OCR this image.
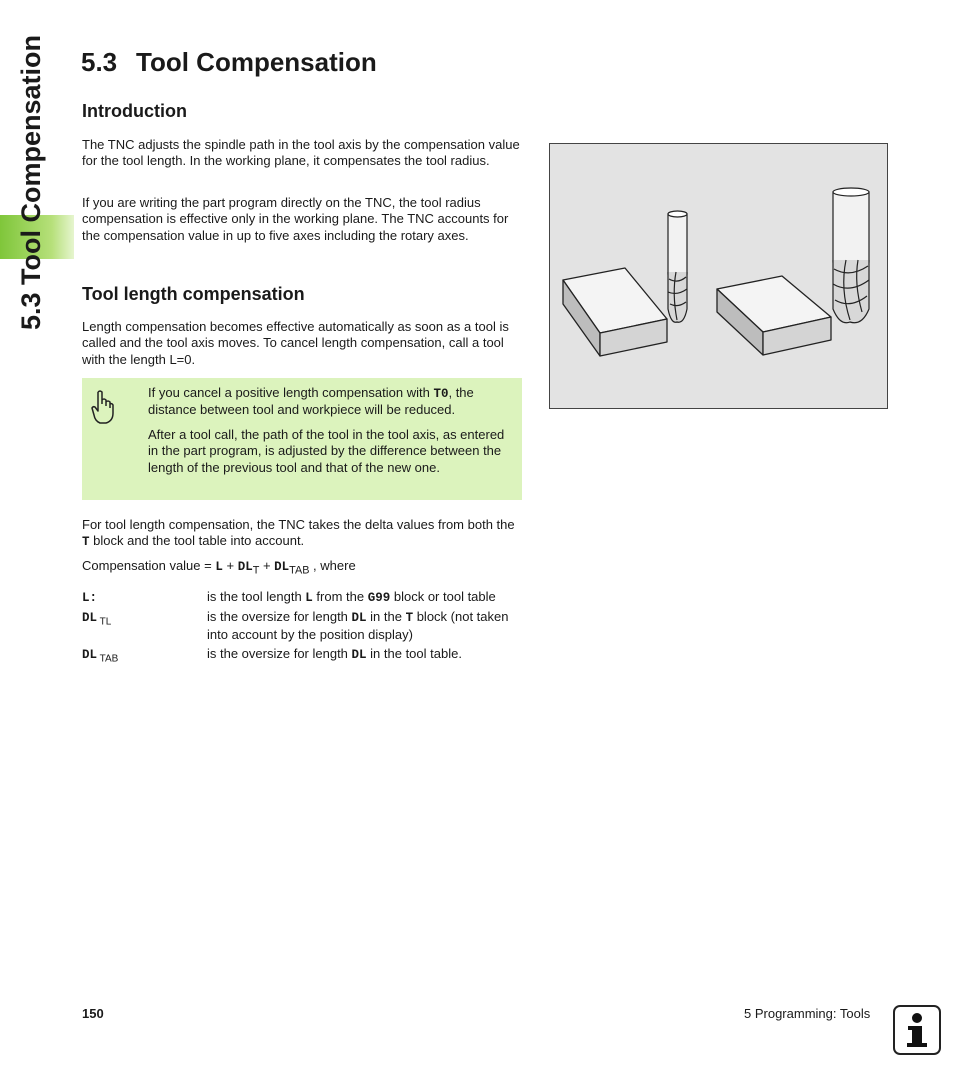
5.3 Tool Compensation 5.3 Tool Compensation
Introduction

The TNC adjusts the spindle path in the tool axis by the compensation value for the tool length. In the working plane, it compensates the tool radius.

If you are writing the part program directly on the TNC, the tool radius compensation is effective only in the working plane. The TNC accounts for the compensation value in up to five axes including the rotary axes.

Tool length compensation

Length compensation becomes effective automatically as soon as a tool is called and the tool axis moves. To cancel length compensation, call a tool with the length L=0.

If you cancel a positive length compensation with T0, the distance between tool and workpiece will be reduced.

After a tool call, the path of the tool in the tool axis, as entered in the part program, is adjusted by the difference between the length of the previous tool and that of the new one.

For tool length compensation, the TNC takes the delta values from both the T block and the tool table into account.

Compensation value = $L + DL_T + DL_{TAB}$ , where

L:	is the tool length L from the G99 block or tool table
DL $_{TL}$	is the oversize for length DL in the T block (not taken into account by the position display)
DL $_{TAB}$	is the oversize for length DL in the tool table.
150	5 Programming: Tools
